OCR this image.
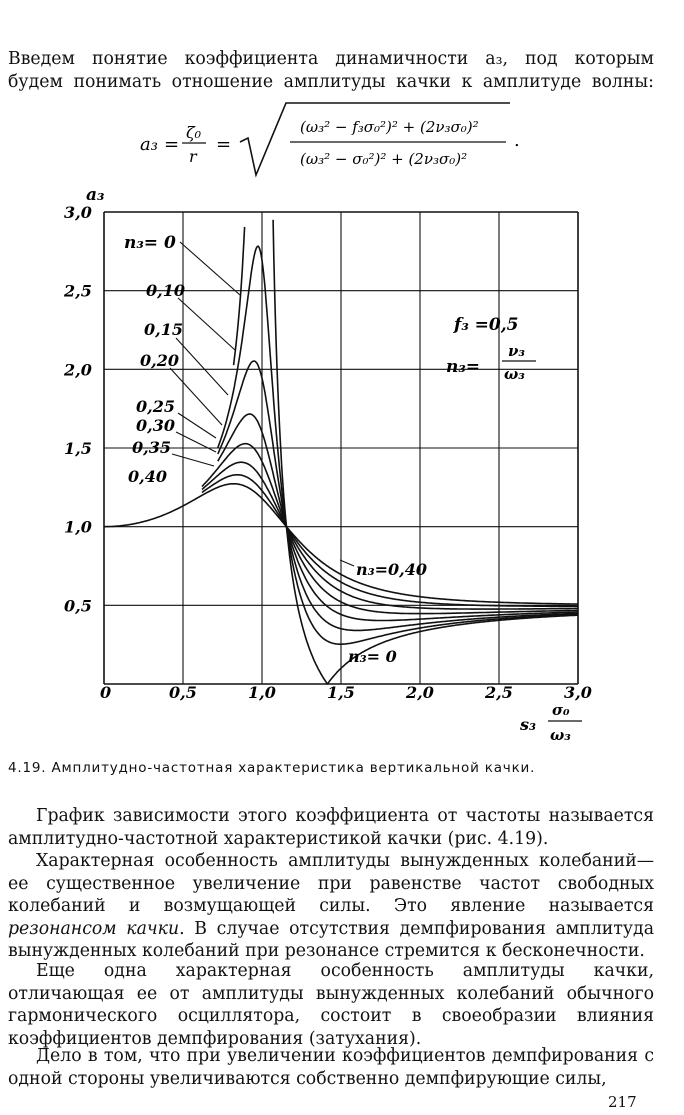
Введем понятие коэффициента динамичности a₃, под которым

будем понимать отношение амплитуды качки к амплитуде волны:

a₃ =
ζ₀
r
=
(ω₃² − f₃σ₀²)² + (2ν₃σ₀)²
(ω₃² − σ₀²)² + (2ν₃σ₀)²
.
0	0,5	1,0	1,5	2,0	2,5	3,0
0,5
1,0
1,5
2,0
2,5
3,0
a₃
n₃= 0
0,10
0,15
0,20
0,25
0,30
0,35
0,40
n₃=0,40
n₃= 0
f₃ =0,5
n₃=
ν₃
ω₃
s₃
σ₀
ω₃
4.19. Амплитудно-частотная характеристика вертикальной качки.

График зависимости этого коэффициента от частоты называется

амплитудно-частотной характеристикой качки (рис. 4.19).

Характерная особенность амплитуды вынужденных колебаний— ее существенное увеличение при равенстве частот свободных колебаний и возмущающей силы. Это явление называется резонансом качки. В случае отсутствия демпфирования амплитуда вынужденных колебаний при резонансе стремится к бесконечности.

Еще одна характерная особенность амплитуды качки, отличающая ее от амплитуды вынужденных колебаний обычного гармонического осциллятора, состоит в своеобразии влияния коэффициентов демпфирования (затухания).

Дело в том, что при увеличении коэффициентов демпфирования с одной стороны увеличиваются собственно демпфирующие силы,

217
